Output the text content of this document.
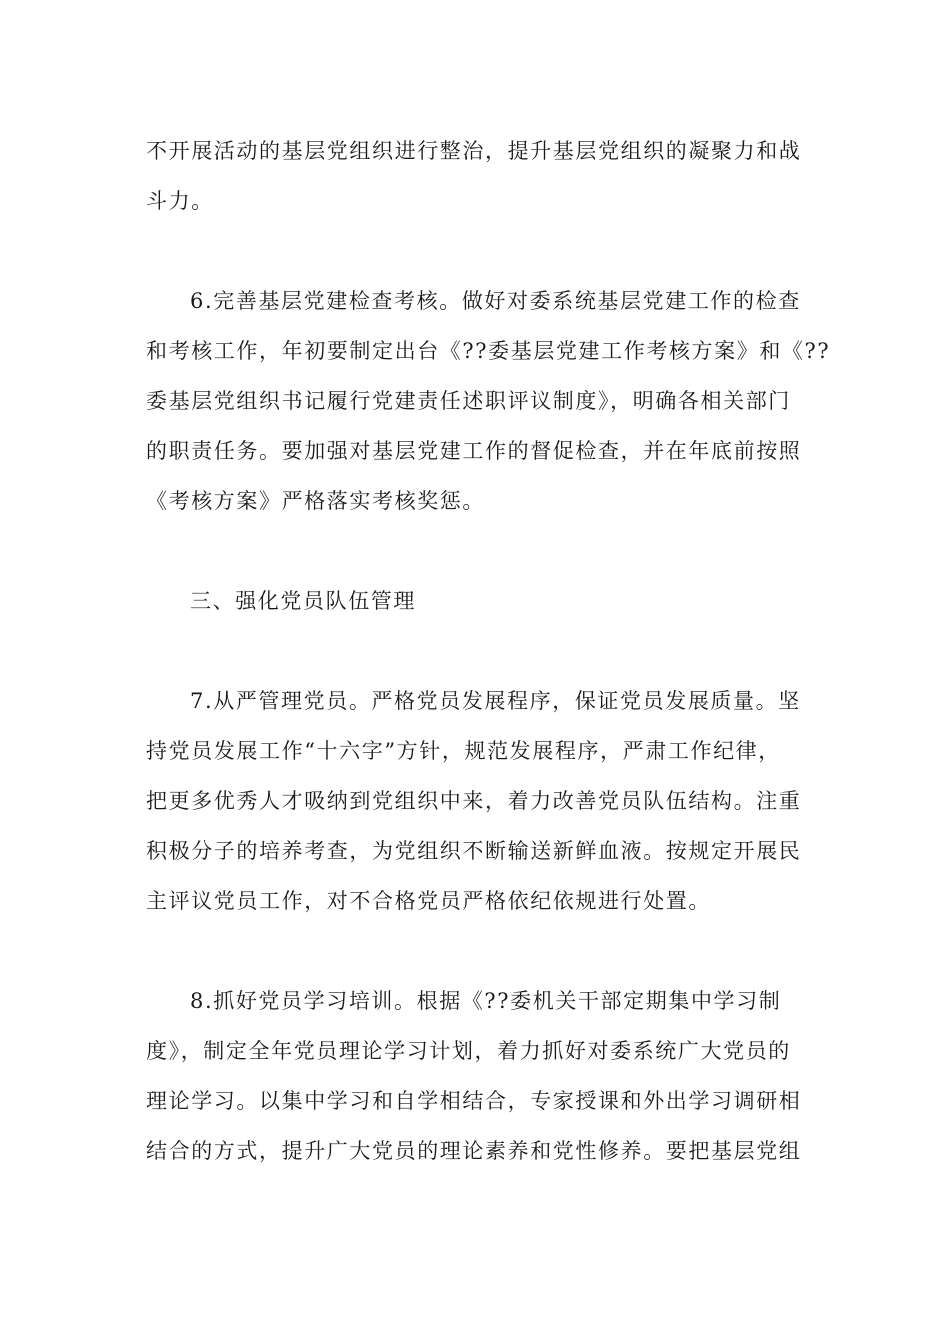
不开展活动的基层党组织进行整治，提升基层党组织的凝聚力和战
斗力。
6.完善基层党建检查考核。做好对委系统基层党建工作的检查
和考核工作，年初要制定出台《??委基层党建工作考核方案》和《??
委基层党组织书记履行党建责任述职评议制度》，明确各相关部门
的职责任务。要加强对基层党建工作的督促检查，并在年底前按照
《考核方案》严格落实考核奖惩。
三、强化党员队伍管理
7.从严管理党员。严格党员发展程序，保证党员发展质量。坚
持党员发展工作“十六字”方针，规范发展程序，严肃工作纪律，
把更多优秀人才吸纳到党组织中来，着力改善党员队伍结构。注重
积极分子的培养考查，为党组织不断输送新鲜血液。按规定开展民
主评议党员工作，对不合格党员严格依纪依规进行处置。
8.抓好党员学习培训。根据《??委机关干部定期集中学习制
度》，制定全年党员理论学习计划，着力抓好对委系统广大党员的
理论学习。以集中学习和自学相结合，专家授课和外出学习调研相
结合的方式，提升广大党员的理论素养和党性修养。要把基层党组
